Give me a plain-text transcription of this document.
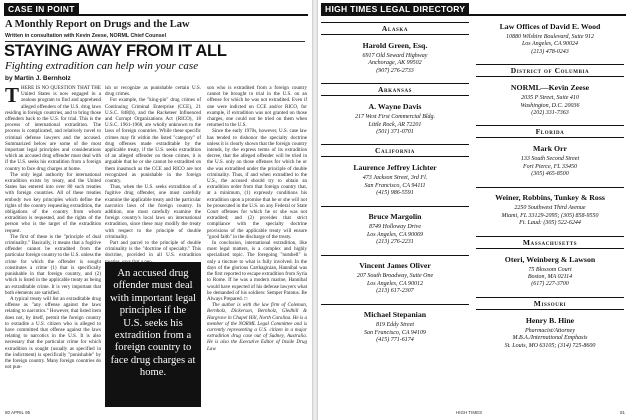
CASE IN POINT
A Monthly Report on Drugs and the Law
Written in consultation with Kevin Zeese, NORML Chief Counsel
STAYING AWAY FROM IT ALL
Fighting extradition can help win your case
by Martin J. Bernholz

THERE IS NO QUESTION THAT THE United States is now engaged in a zealous program to find and apprehend alleged offenders of the U.S. drug laws residing in foreign countries, and to bring those offenders back to the U.S. for trial. This is the process of international extradition. The process is complicated, and relatively novel to criminal defense lawyers and the accused. Summarized below are some of the most important legal principles and considerations which an accused drug offender must deal with if the U.S. seeks his extradition from a foreign country to face drug charges at home.

The only legal authority for international extradition exists by treaty, and the United States has entered into over 80 such treaties with foreign countries. All of these treaties embody two key principles which define the rights of the country requesting extradition, the obligations of the country from whom extradition is requested, and the rights of the person who is the target of the extradition request.

The first of these is the "principle of dual criminality." Basically, it means that a fugitive offender cannot be extradited from the particular foreign country to the U.S. unless the crime for which the offender is sought constitutes a crime (1) that is specifically punishable in that foreign country, and (2) which is listed in the applicable treaty as being an extraditable crime. It is very important that both elements are satisfied.

A typical treaty will list an extraditable drug offense as "any offense against the laws relating to narcotics." However, that listed item does not, by itself, permit the foreign country to extradite a U.S. citizen who is alleged to have committed that offense against the laws relating to narcotics in the U.S. It is also necessary that the particular crime for which extradition is sought (usually as specified in the indictment) is specifically "punishable" by the foreign country. Many foreign countries do not pun-

ish or recognize as punishable certain U.S. drug crimes.

For example, the "king-pin" drug crimes of Continuing Criminal Enterprise (CCE), 21 U.S.C. 848(b), and the Racketeer Influenced and Corrupt Organizations Act (RICO), 18 U.S.C. 1961-1968, are wholly unknown to the laws of foreign countries. While these specific crimes may fit within the listed "category" of drug offenses made extraditable by the applicable treaty, if the U.S. seeks extradition of an alleged offender on those crimes, it is arguable that he or she cannot be extradited on them inasmuch as the CCE and RICO are not recognized as punishable in the foreign country.

Thus, when the U.S. seeks extradition of a fugitive drug offender, one must carefully examine the applicable treaty and the particular narcotics laws of the foreign country. In addition, one must carefully examine the foreign country's local laws on international extradition, since these may modify the treaty with respect to the principle of double criminality.

Part and parcel to the principle of double criminality is the "doctrine of specialty." This doctrine, provided in all U.S. extradition

An accused drug offender must deal with important legal principles if the U.S. seeks his extradition from a foreign country to face drug charges at home.

son who is extradited from a foreign country cannot be brought to trial in the U.S. on an offense for which he was not extradited. Even if one were indicted on CCE and/or RICO, for example, if extradition was not granted on those charges, one could not be tried on them when returned to the U.S.

Since the early 1970s, however, U.S. case law has tended to dishonor the specialty doctrine unless it is clearly shown that the foreign country intends, by the express terms of its extradition decree, that the alleged offender will be tried in the U.S. only on those offenses for which he or she was extradited under the principle of double criminality. Thus, if and when extradited to the U.S., the accused should try to obtain an extradition order from that foreign country that, at a minimum, (1) expressly conditions his extradition upon a promise that he or she will not be prosecuted in the U.S. on any Federal or State Court offenses for which he or she was not extradited; and (2) provides that strict compliance with the specialty doctrine provisions of the applicable treaty will ensure "good faith" in the discharge of the treaty.

In conclusion, international extradition, like most legal matters, is a complex and highly specialized topic. The foregoing "nutshell" is only a tincture to what is fully involved. In the days of the glorious Carthaginian, Hannibal was the first reported to escape extradition from Syria to Rome. If he was a modern marine, Hannibal would have expected of his defense lawyers what he demanded of his soldiers: Semper Paratus. Be Always Prepared. □

The author is with the law firm of Coleman, Bernholz, Dickerson, Bernholz, Gledhill & Hargrave in Chapel Hill, North Carolina. He is a member of the NORML Legal Committee and is currently representing a U.S. citizen in a major extradition drug case out of Sudney, Australia. He is also the Executive Editor of Inside Drug Law.

80 APRIL 95
HIGH TIMES LEGAL DIRECTORY
Alaska
Harold Green, Esq.
6917 Old Seward Highway
Anchorage, AK 99502
(907) 276-2733
Arkansas
A. Wayne Davis
217 West First Commercial Bldg.
Little Rock, AR 72201
(501) 371-0701
California
Laurence Jeffrey Lichter
473 Jackson Street, 3rd Fl.
San Francisco, CA 94111
(415) 986-5591
Bruce Margolin
8749 Holloway Drive
Los Angeles, CA 90069
(213) 276-2231
Vincent James Oliver
207 South Broadway, Suite One
Los Angeles, CA 90012
(213) 617-2307
Michael Stepanian
819 Eddy Street
San Francisco, CA 94109
(415) 771-6174
Law Offices of David E. Wood
10880 Wilshire Boulevard, Suite 912
Los Angeles, CA 90024
(213) 478-0243
District of Columbia
NORML—Kevin Zeese
2035 P Street, Suite 410
Washington, D.C. 20036
(202) 331-7363
Florida
Mark Orr
133 South Second Street
Fort Pierce, FL 33450
(305) 465-8500
Weiner, Robbins, Tunkey & Ross
2250 Southwest Third Avenue
Miami, FL 33129-2095; (305) 858-9550
Ft. Laud: (305) 522-6244
Massachusetts
Oteri, Weinberg & Lawson
75 Blossom Court
Boston, MA 02114
(617) 227-3700
Missouri
Henry B. Hine
Pharmacist/Attorney
M.B.A./International Emphasis
St. Louis, MO 63105; (314) 725-8600
HIGH TIMES	81
